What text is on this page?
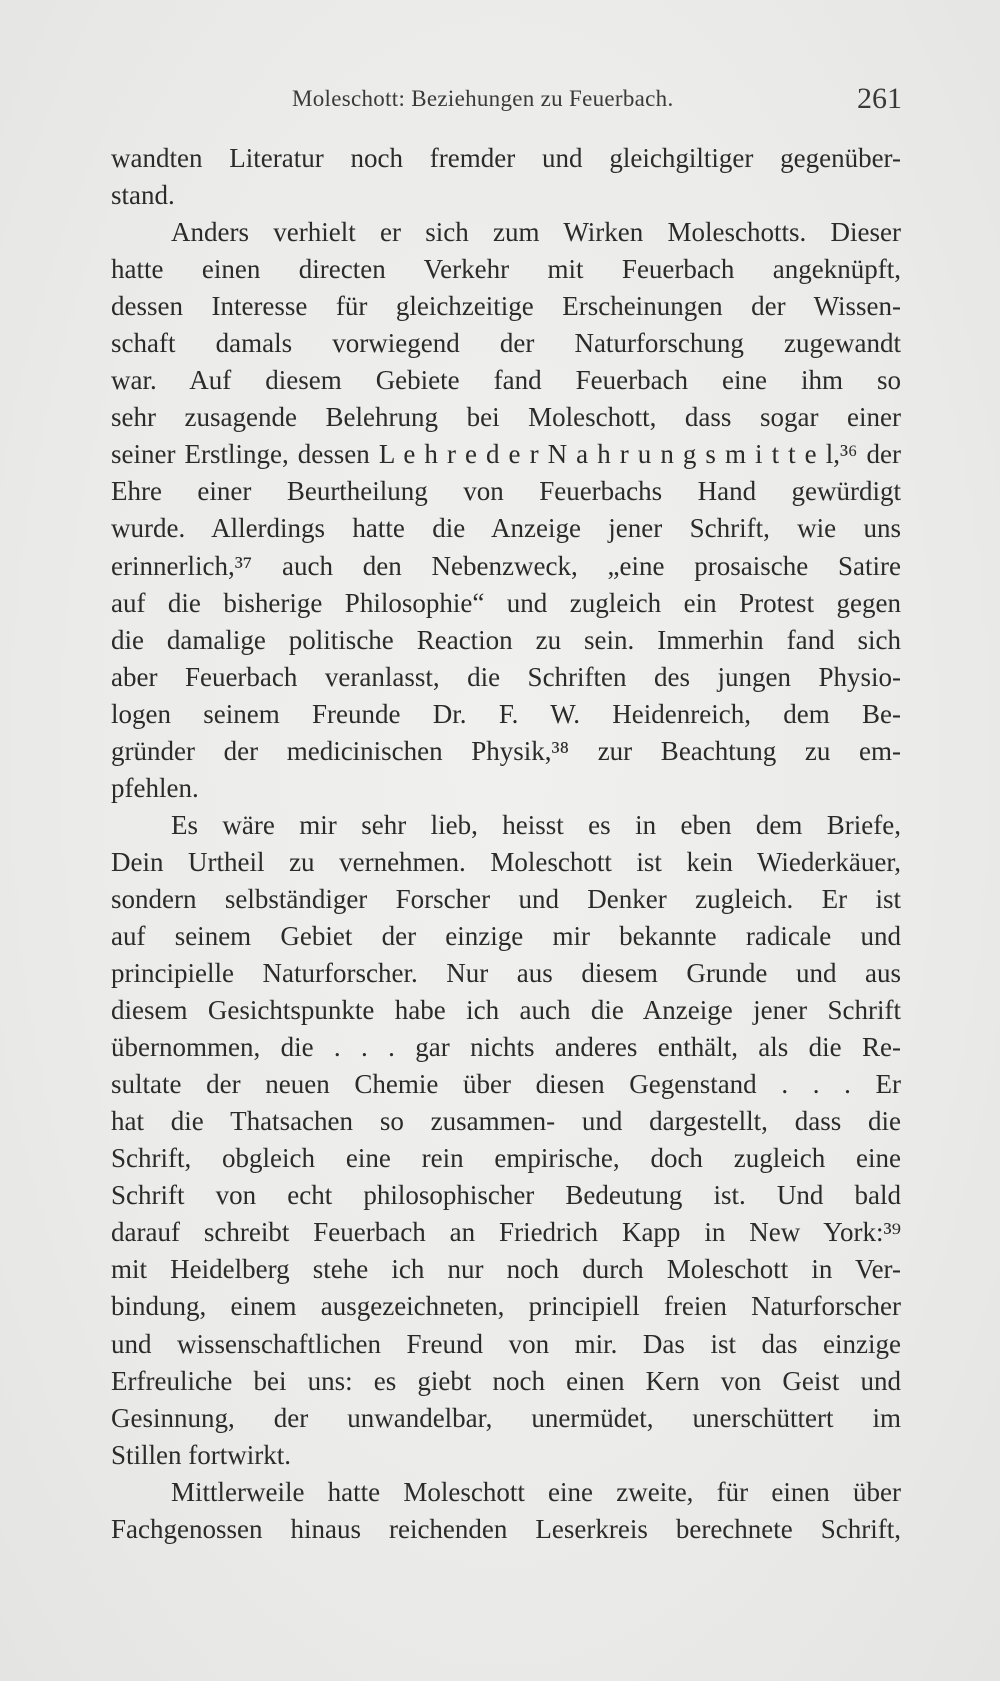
Moleschott: Beziehungen zu Feuerbach.	261
wandten Literatur noch fremder und gleichgiltiger gegenüber-
stand.
Anders verhielt er sich zum Wirken Moleschotts. Dieser
hatte einen directen Verkehr mit Feuerbach angeknüpft,
dessen Interesse für gleichzeitige Erscheinungen der Wissen-
schaft damals vorwiegend der Naturforschung zugewandt
war. Auf diesem Gebiete fand Feuerbach eine ihm so
sehr zusagende Belehrung bei Moleschott, dass sogar einer
seiner Erstlinge, dessen L e h r e d e r N a h r u n g s m i t t e l,³⁶ der
Ehre einer Beurtheilung von Feuerbachs Hand gewürdigt
wurde. Allerdings hatte die Anzeige jener Schrift, wie uns
erinnerlich,³⁷ auch den Nebenzweck, „eine prosaische Satire
auf die bisherige Philosophie“ und zugleich ein Protest gegen
die damalige politische Reaction zu sein. Immerhin fand sich
aber Feuerbach veranlasst, die Schriften des jungen Physio-
logen seinem Freunde Dr. F. W. Heidenreich, dem Be-
gründer der medicinischen Physik,³⁸ zur Beachtung zu em-
pfehlen.
Es wäre mir sehr lieb, heisst es in eben dem Briefe,
Dein Urtheil zu vernehmen. Moleschott ist kein Wiederkäuer,
sondern selbständiger Forscher und Denker zugleich. Er ist
auf seinem Gebiet der einzige mir bekannte radicale und
principielle Naturforscher. Nur aus diesem Grunde und aus
diesem Gesichtspunkte habe ich auch die Anzeige jener Schrift
übernommen, die . . . gar nichts anderes enthält, als die Re-
sultate der neuen Chemie über diesen Gegenstand . . . Er
hat die Thatsachen so zusammen- und dargestellt, dass die
Schrift, obgleich eine rein empirische, doch zugleich eine
Schrift von echt philosophischer Bedeutung ist. Und bald
darauf schreibt Feuerbach an Friedrich Kapp in New York:³⁹
mit Heidelberg stehe ich nur noch durch Moleschott in Ver-
bindung, einem ausgezeichneten, principiell freien Naturforscher
und wissenschaftlichen Freund von mir. Das ist das einzige
Erfreuliche bei uns: es giebt noch einen Kern von Geist und
Gesinnung, der unwandelbar, unermüdet, unerschüttert im
Stillen fortwirkt.
Mittlerweile hatte Moleschott eine zweite, für einen über
Fachgenossen hinaus reichenden Leserkreis berechnete Schrift,
